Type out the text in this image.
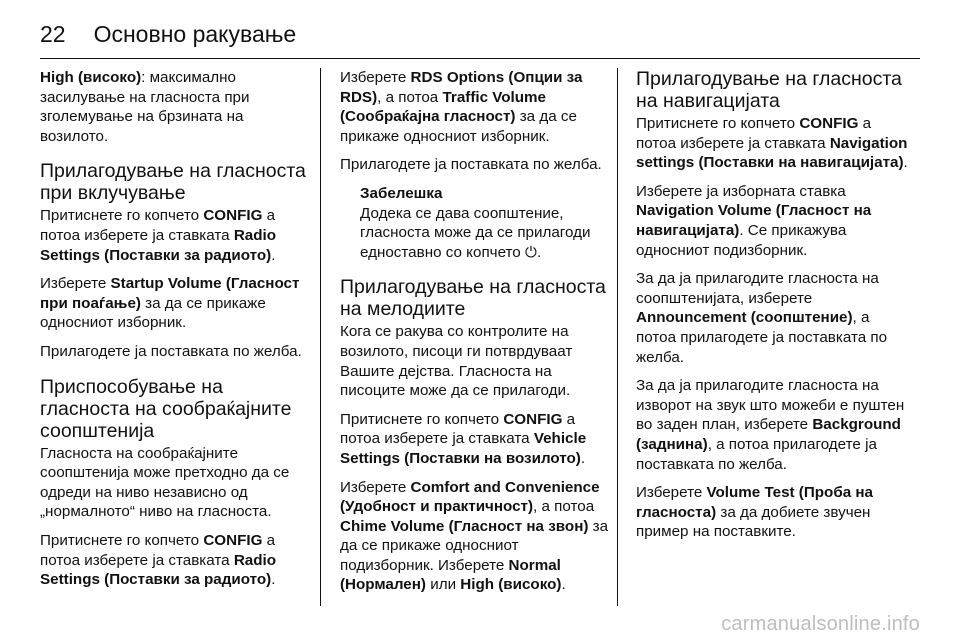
22 Основно ракување

High (високо): максимално засилување на гласноста при зголемување на брзината на возилото.

Прилагодување на гласноста при вклучување

Притиснете го копчето CONFIG а потоа изберете ја ставката Radio Settings (Поставки за радиото).

Изберете Startup Volume (Гласност при поаѓање) за да се прикаже односниот изборник.

Прилагодете ја поставката по желба.

Приспособување на гласноста на сообраќајните соопштенија

Гласноста на сообраќајните соопштенија може претходно да се одреди на ниво независно од „нормалното“ ниво на гласноста.

Притиснете го копчето CONFIG а потоа изберете ја ставката Radio Settings (Поставки за радиото).

Изберете RDS Options (Опции за RDS), а потоа Traffic Volume (Сообраќајна гласност) за да се прикаже односниот изборник.

Прилагодете ја поставката по желба.

Забелешка

Додека се дава соопштение, гласноста може да се прилагоди едноставно со копчето ⏻.

Прилагодување на гласноста на мелодиите

Кога се ракува со контролите на возилото, писоци ги потврдуваат Вашите дејства. Гласноста на писоците може да се прилагоди.

Притиснете го копчето CONFIG а потоа изберете ја ставката Vehicle Settings (Поставки на возилото).

Изберете Comfort and Convenience (Удобност и практичност), а потоа Chime Volume (Гласност на звон) за да се прикаже односниот подизборник. Изберете Normal (Нормален) или High (високо).

Прилагодување на гласноста на навигацијата

Притиснете го копчето CONFIG а потоа изберете ја ставката Navigation settings (Поставки на навигацијата).

Изберете ја изборната ставка Navigation Volume (Гласност на навигацијата). Се прикажува односниот подизборник.

За да ја прилагодите гласноста на соопштенијата, изберете Announcement (соопштение), а потоа прилагодете ја поставката по желба.

За да ја прилагодите гласноста на изворот на звук што можеби е пуштен во заден план, изберете Background (заднина), а потоа прилагодете ја поставката по желба.

Изберете Volume Test (Проба на гласноста) за да добиете звучен пример на поставките.

carmanualsonline.info
